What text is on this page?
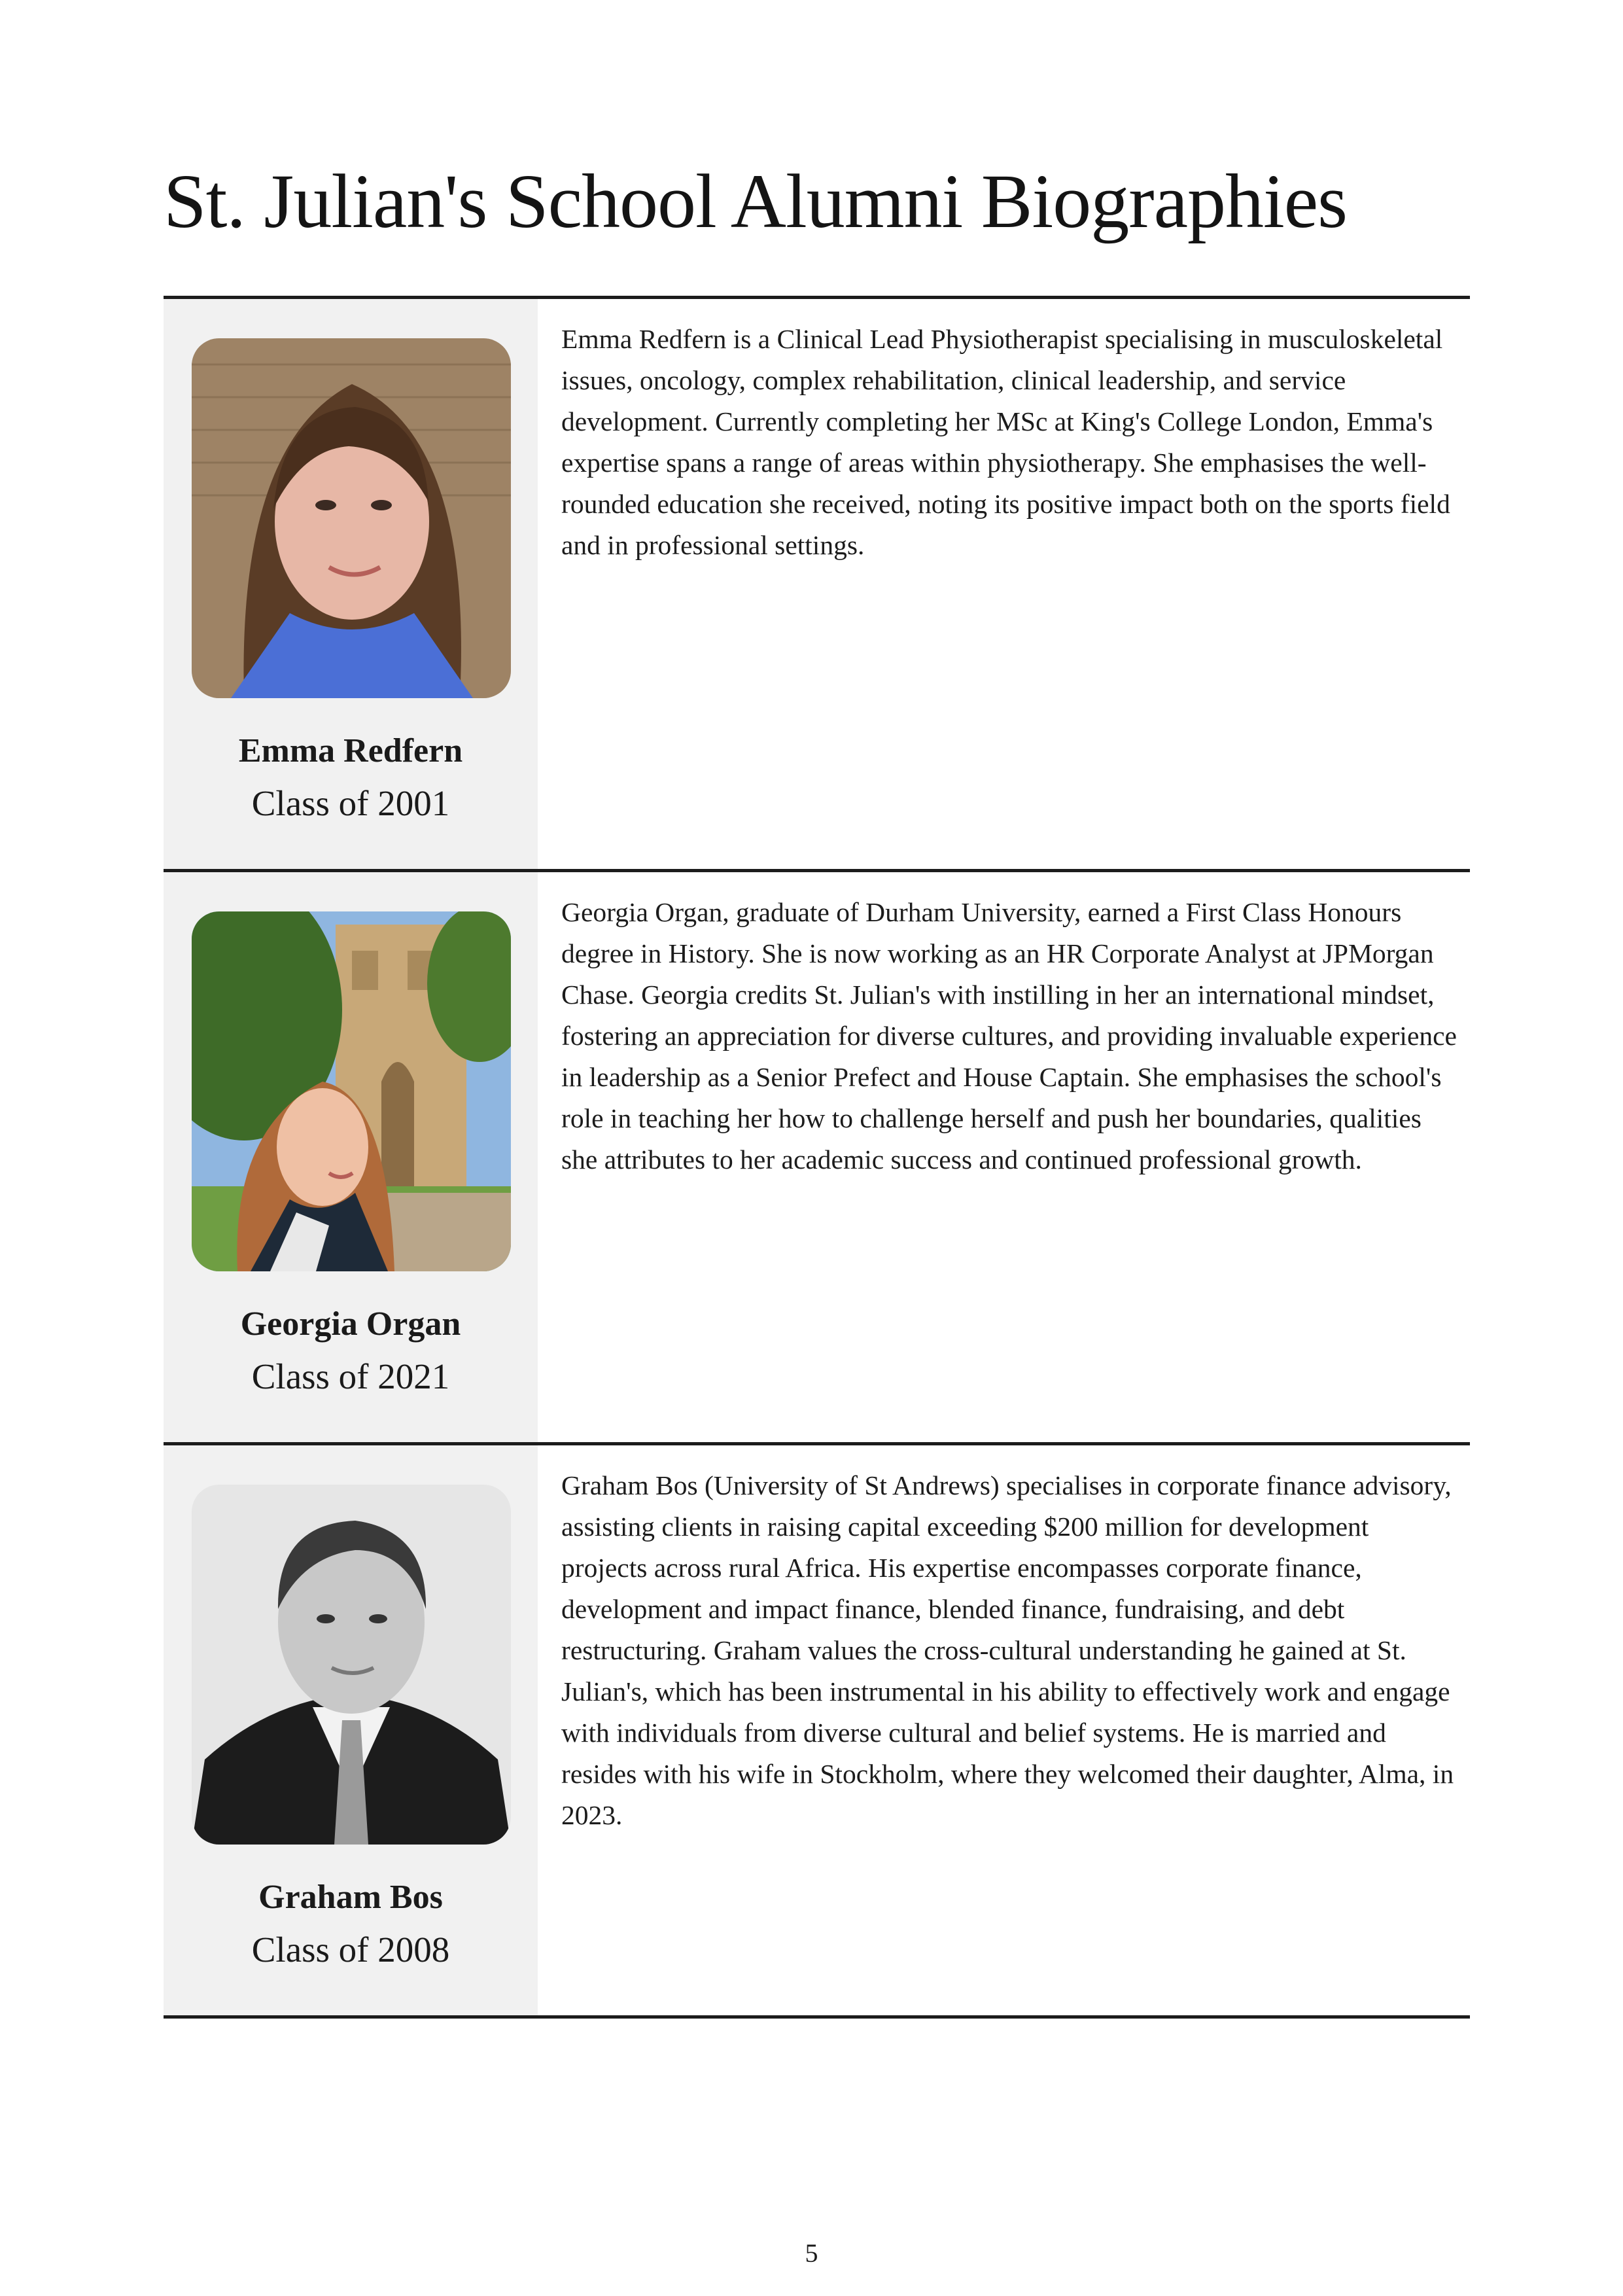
St. Julian's School Alumni Biographies
Emma Redfern
Class of 2001

Emma Redfern is a Clinical Lead Physiotherapist specialising in musculoskeletal issues, oncology, complex rehabilitation, clinical leadership, and service development. Currently completing her MSc at King's College London, Emma's expertise spans a range of areas within physiotherapy. She emphasises the well-rounded education she received, noting its positive impact both on the sports field and in professional settings.

Georgia Organ
Class of 2021

Georgia Organ, graduate of Durham University, earned a First Class Honours degree in History. She is now working as an HR Corporate Analyst at JPMorgan Chase. Georgia credits St. Julian's with instilling in her an international mindset, fostering an appreciation for diverse cultures, and providing invaluable experience in leadership as a Senior Prefect and House Captain. She emphasises the school's role in teaching her how to challenge herself and push her boundaries, qualities she attributes to her academic success and continued professional growth.

Graham Bos
Class of 2008

Graham Bos (University of St Andrews) specialises in corporate finance advisory, assisting clients in raising capital exceeding $200 million for development projects across rural Africa. His expertise encompasses corporate finance, development and impact finance, blended finance, fundraising, and debt restructuring. Graham values the cross-cultural understanding he gained at St. Julian's, which has been instrumental in his ability to effectively work and engage with individuals from diverse cultural and belief systems. He is married and resides with his wife in Stockholm, where they welcomed their daughter, Alma, in 2023.

5
